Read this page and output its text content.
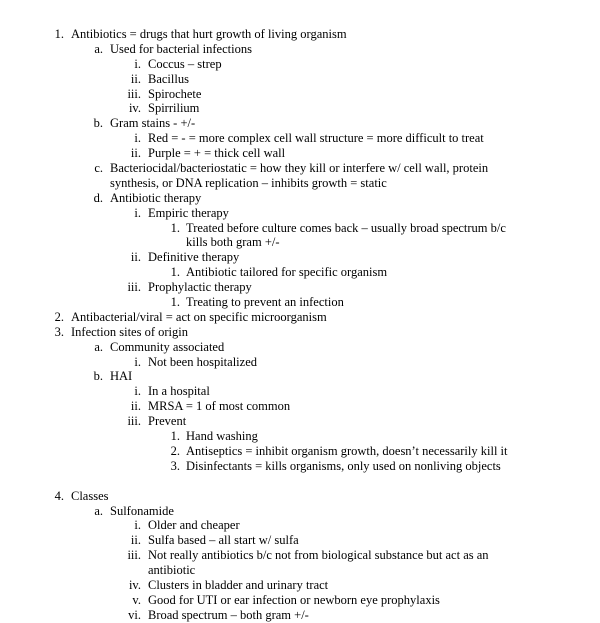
1. Antibiotics = drugs that hurt growth of living organism
a. Used for bacterial infections
i. Coccus – strep
ii. Bacillus
iii. Spirochete
iv. Spirrilium
b. Gram stains - +/-
i. Red = - = more complex cell wall structure = more difficult to treat
ii. Purple = + = thick cell wall
c. Bacteriocidal/bacteriostatic = how they kill or interfere w/ cell wall, protein
synthesis, or DNA replication – inhibits growth = static
d. Antibiotic therapy
i. Empiric therapy
1. Treated before culture comes back – usually broad spectrum b/c
kills both gram +/-
ii. Definitive therapy
1. Antibiotic tailored for specific organism
iii. Prophylactic therapy
1. Treating to prevent an infection
2. Antibacterial/viral = act on specific microorganism
3. Infection sites of origin
a. Community associated
i. Not been hospitalized
b. HAI
i. In a hospital
ii. MRSA = 1 of most common
iii. Prevent
1. Hand washing
2. Antiseptics = inhibit organism growth, doesn’t necessarily kill it
3. Disinfectants = kills organisms, only used on nonliving objects
4. Classes
a. Sulfonamide
i. Older and cheaper
ii. Sulfa based – all start w/ sulfa
iii. Not really antibiotics b/c not from biological substance but act as an
antibiotic
iv. Clusters in bladder and urinary tract
v. Good for UTI or ear infection or newborn eye prophylaxis
vi. Broad spectrum – both gram +/-
